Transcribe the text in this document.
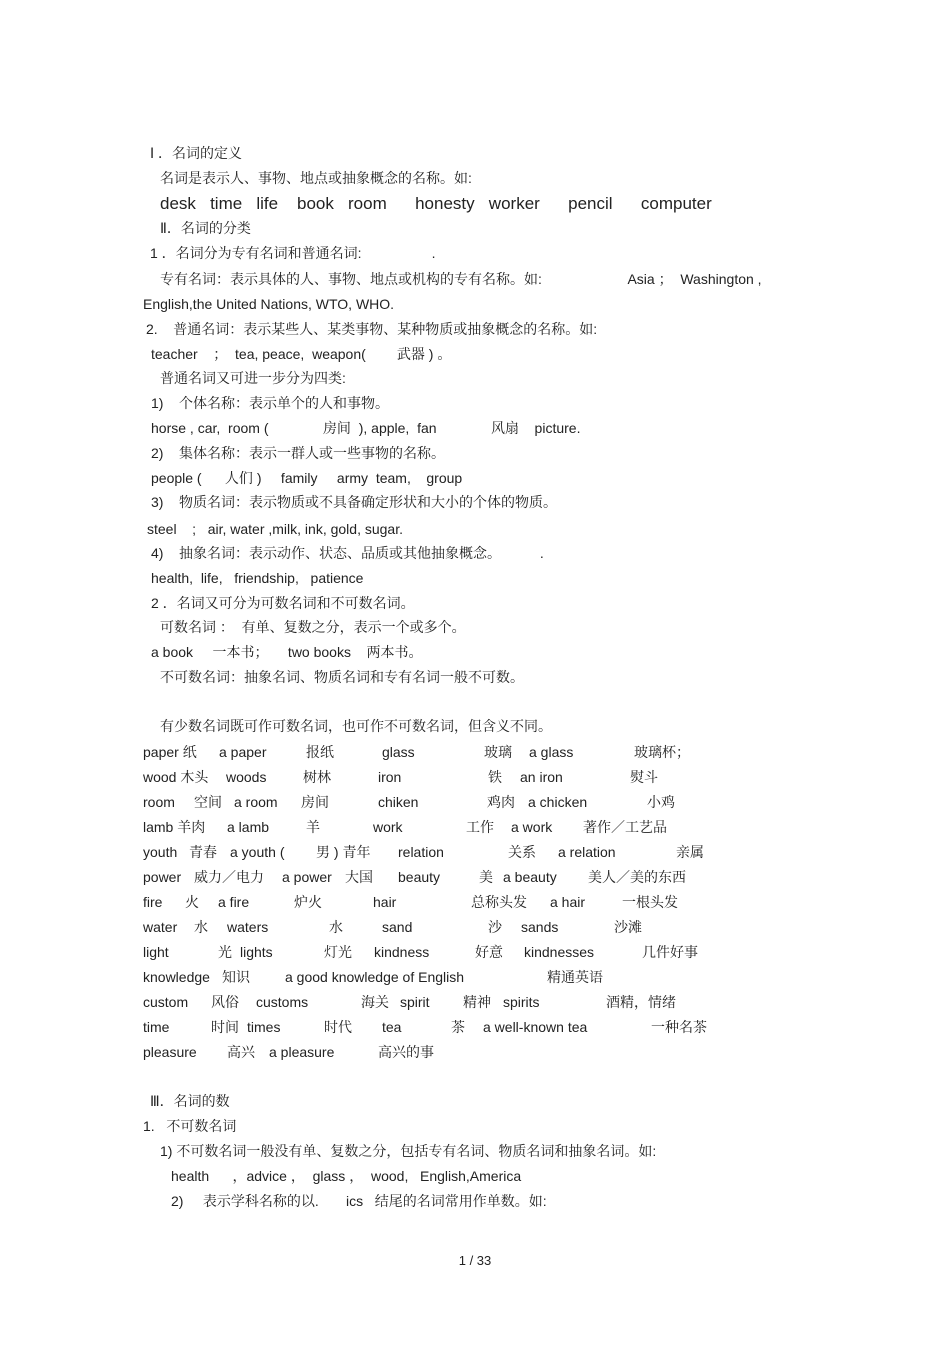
Ⅰ ．名词的定义
名词是表示人、事物、地点或抽象概念的名称。如:
desk   time   life    book   room      honesty   worker      pencil      computer
Ⅱ．名词的分类
1 ．名词分为专有名词和普通名词:                  .
专有名词：表示具体的人、事物、地点或机构的专有名称。如:                      Asia ；  Washington ,
English,the United Nations, WTO, WHO.
2.    普通名词：表示某些人、某类事物、某种物质或抽象概念的名称。如:
teacher    ；  tea, peace,  weapon(        武器 ) 。
普通名词又可进一步分为四类:
1)    个体名称：表示单个的人和事物。
horse , car,  room (              房间  ), apple,  fan              风扇    picture.
2)    集体名称：表示一群人或一些事物的名称。
people (      人们 )     family     army  team,    group
3)    物质名词：表示物质或不具备确定形状和大小的个体的物质。
steel    ;   air, water ,milk, ink, gold, sugar.
4)    抽象名词：表示动作、状态、品质或其他抽象概念。          .
health,  life,   friendship,   patience
2 ．名词又可分为可数名词和不可数名词。
可数名词 ：  有单、复数之分，表示一个或多个。
a book     一本书；     two books    两本书。
不可数名词：抽象名词、物质名词和专有名词一般不可数。
有少数名词既可作可数名词，也可作不可数名词，但含义不同。
paper 纸 a paper	报纸	glass	玻璃 a glass	玻璃杯；
wood 木头 woods	树林	iron	铁 an iron	熨斗
room 空间 a room 房间	chiken	鸡肉 a chicken	小鸡
lamb 羊肉 a lamb	羊	work	工作 a work 著作／工艺品
youth 青春 a youth ( 男 ) 青年 relation	关系 a relation	亲属
power 威力／电力 a power 大国 beauty	美 a beauty 美人／美的东西
fire 火 a fire	炉火	hair	总称头发 a hair	一根头发
water 水 waters	水	sand	沙 sands	沙滩
light	光 lights	灯光 kindness	好意 kindnesses	几件好事
knowledge 知识	a good knowledge of English	精通英语
custom 风俗 customs	海关 spirit 精神 spirits	酒精，情绪
time	时间 times	时代 tea	茶 a well-known tea	一种名茶
pleasure 高兴 a pleasure	高兴的事
Ⅲ．名词的数
1.   不可数名词
1) 不可数名词一般没有单、复数之分，包括专有名词、物质名词和抽象名词。如:
health      ，advice ，  glass ，  wood,   English,America
2)     表示学科名称的以.       ics   结尾的名词常用作单数。如:
1 / 33
